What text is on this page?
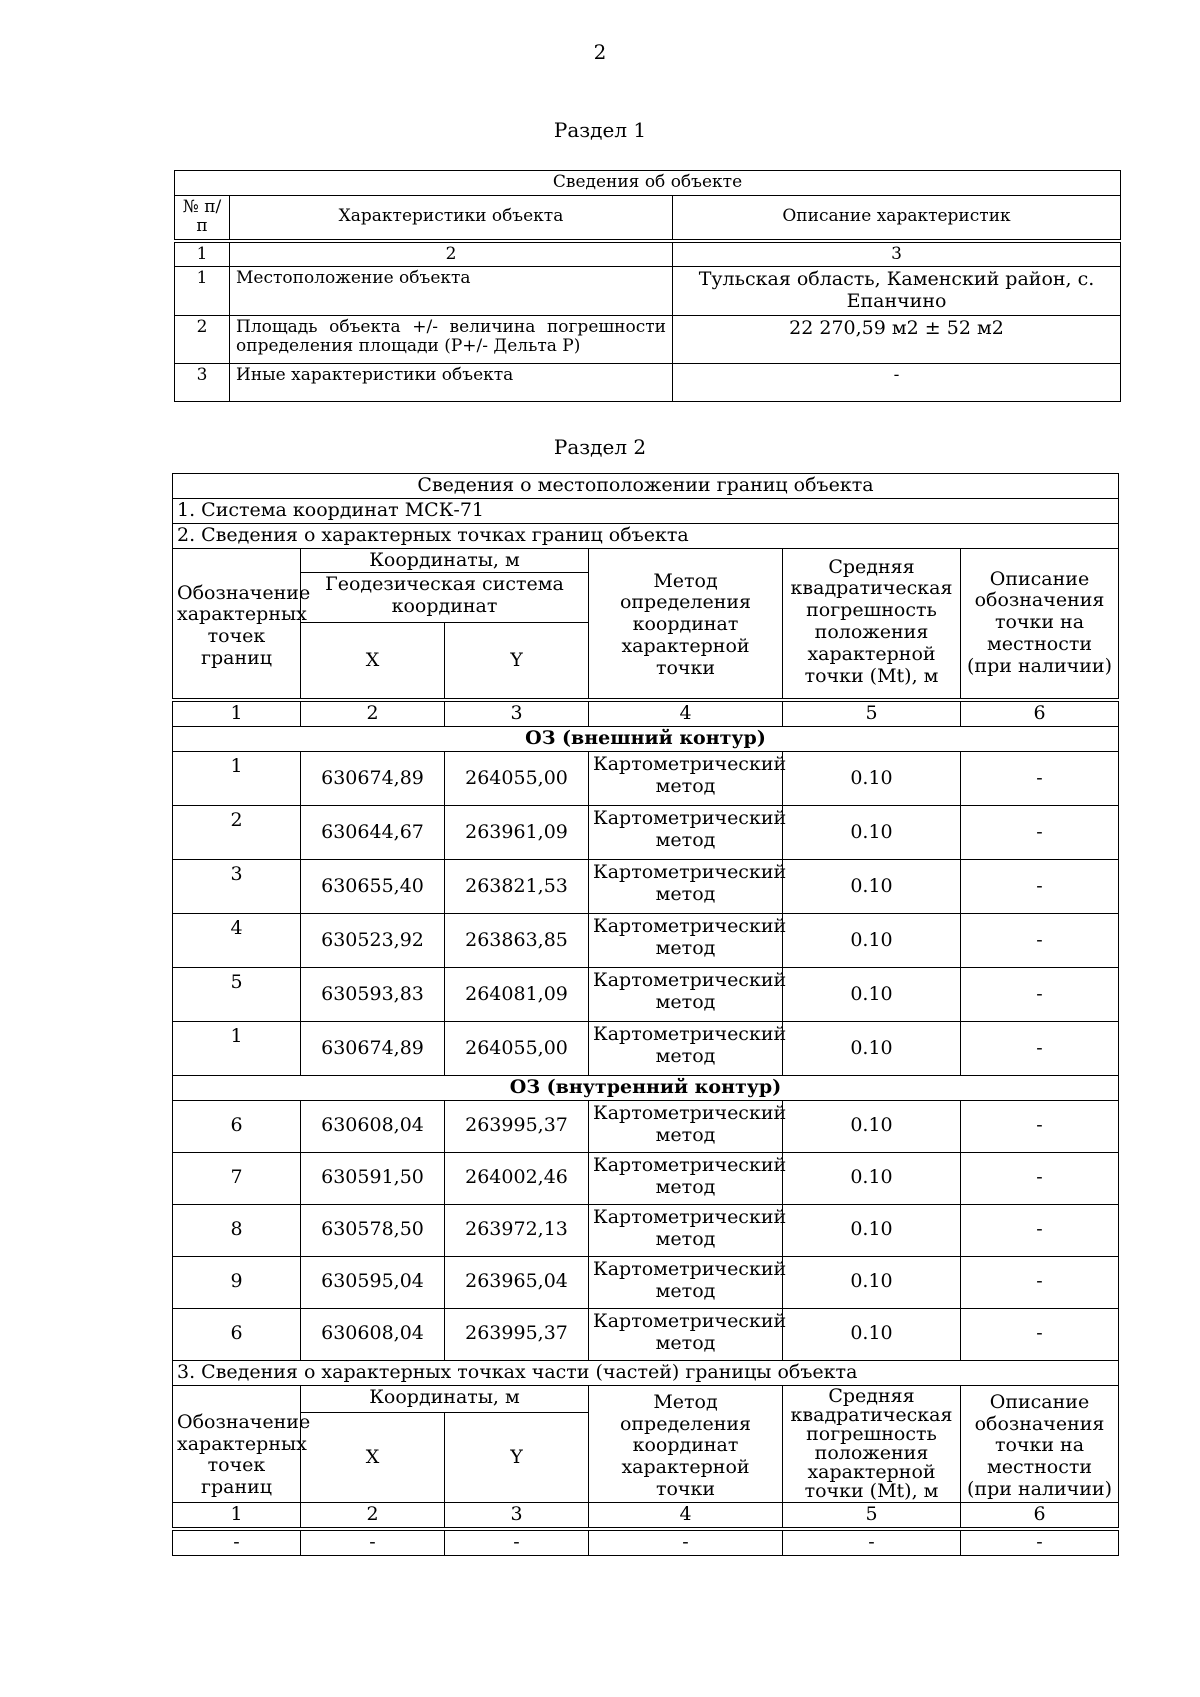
2
Раздел 1
Сведения об объекте		
№ п/п	Характеристики объекта	Описание характеристик

1	2	3
1	Местоположение объекта	Тульская область, Каменский район, с. Епанчино
2	Площадь объекта +/- величина погрешности определения площади (Р+/- Дельта Р)	22 270,59 м2 ± 52 м2
3	Иные характеристики объекта	-
Раздел 2
Сведения о местоположении границ объекта					
1. Система координат МСК-71					
2. Сведения о характерных точках границ объекта					
Обозначение характерных точек границ	Координаты, м		Метод определения координат характерной точки	Средняя квадратическая погрешность положения характерной точки (Mt), м	Описание обозначения точки на местности (при наличии)
	Геодезическая система координат				
	X	Y			

1	2	3	4	5	6
ОЗ (внешний контур)					
1	630674,89	264055,00	Картометрический метод	0.10	-
2	630644,67	263961,09	Картометрический метод	0.10	-
3	630655,40	263821,53	Картометрический метод	0.10	-
4	630523,92	263863,85	Картометрический метод	0.10	-
5	630593,83	264081,09	Картометрический метод	0.10	-
1	630674,89	264055,00	Картометрический метод	0.10	-
ОЗ (внутренний контур)					
6	630608,04	263995,37	Картометрический метод	0.10	-
7	630591,50	264002,46	Картометрический метод	0.10	-
8	630578,50	263972,13	Картометрический метод	0.10	-
9	630595,04	263965,04	Картометрический метод	0.10	-
6	630608,04	263995,37	Картометрический метод	0.10	-
3. Сведения о характерных точках части (частей) границы объекта					
Обозначение характерных точек границ	Координаты, м		Метод определения координат характерной точки	Средняя квадратическая погрешность положения характерной точки (Mt), м	Описание обозначения точки на местности (при наличии)
	X	Y			
1	2	3	4	5	6

-	-	-	-	-	-
